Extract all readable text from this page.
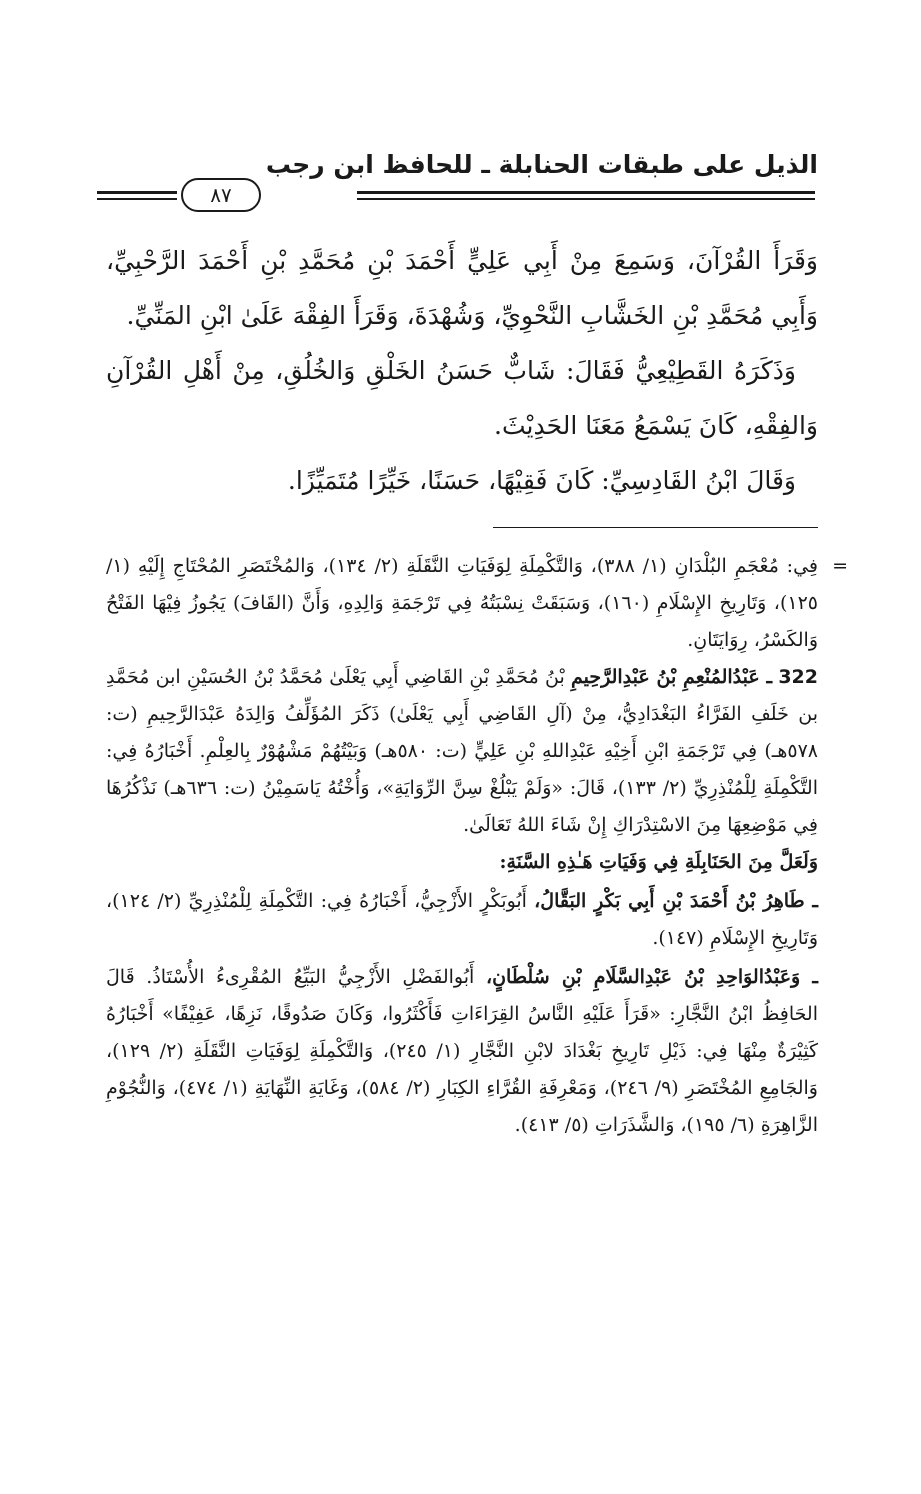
الذيل على طبقات الحنابلة ـ للحافظ ابن رجب
٨٧

وَقَرَأَ القُرْآنَ، وَسَمِعَ مِنْ أَبِي عَلِيٍّ أَحْمَدَ بْنِ مُحَمَّدِ بْنِ أَحْمَدَ الرَّحْبِيِّ، وَأَبِي مُحَمَّدِ بْنِ الخَشَّابِ النَّحْوِيِّ، وَشُهْدَةَ، وَقَرَأَ الفِقْهَ عَلَىٰ ابْنِ المَنِّيِّ.

وَذَكَرَهُ القَطِيْعِيُّ فَقَالَ: شَابٌّ حَسَنُ الخَلْقِ وَالخُلُقِ، مِنْ أَهْلِ القُرْآنِ وَالفِقْهِ، كَانَ يَسْمَعُ مَعَنَا الحَدِيْثَ.

وَقَالَ ابْنُ القَادِسِيِّ: كَانَ فَقِيْهًا، حَسَنًا، خَيِّرًا مُتَمَيِّزًا.

=

فِي: مُعْجَمِ البُلْدَانِ (١/ ٣٨٨)، وَالتَّكْمِلَةِ لِوَفَيَاتِ النَّقَلَةِ (٢/ ١٣٤)، وَالمُخْتَصَرِ المُحْتَاجِ إِلَيْهِ (١/ ١٢٥)، وَتَارِيخِ الإِسْلَامِ (١٦٠)، وَسَبَقَتْ نِسْبَتُهُ فِي تَرْجَمَةِ وَالِدِهِ، وَأَنَّ (القَافَ) يَجُوزُ فِيْهَا الفَتْحُ وَالكَسْرُ، رِوَايَتَانِ.

322 ـ عَبْدُالمُنْعِمِ بْنُ عَبْدِالرَّحِيمِ بْنُ مُحَمَّدِ بْنِ القَاضِي أَبِي يَعْلَىٰ مُحَمَّدُ بْنُ الحُسَيْنِ ابن مُحَمَّدِ بن خَلَفِ الفَرَّاءُ البَغْدَادِيُّ، مِنْ (آلِ القَاضِي أَبِي يَعْلَىٰ) ذَكَرَ المُؤَلِّفُ وَالِدَهُ عَبْدَالرَّحِيمِ (ت: ٥٧٨هـ) فِي تَرْجَمَةِ ابْنِ أَخِيْهِ عَبْدِاللهِ بْنِ عَلِيٍّ (ت: ٥٨٠هـ) وَبَيْتُهُمْ مَشْهُوْرٌ بِالعِلْمِ. أَخْبَارُهُ فِي: التَّكْمِلَةِ لِلْمُنْذِرِيِّ (٢/ ١٣٣)، قَالَ: «وَلَمْ يَبْلُغْ سِنَّ الرِّوَايَةِ»، وَأُخْتُهُ يَاسَمِيْنُ (ت: ٦٣٦هـ) نَذْكُرُهَا فِي مَوْضِعِهَا مِنَ الاسْتِدْرَاكِ إِنْ شَاءَ اللهُ تَعَالَىٰ.

وَلَعَلَّ مِنَ الحَنَابِلَةِ فِي وَفَيَاتِ هَـٰذِهِ السَّنَةِ:

ـ طَاهِرُ بْنُ أَحْمَدَ بْنِ أَبِي بَكْرٍ البَقَّالُ، أَبُوبَكْرٍ الأَزْجِيُّ، أَخْبَارُهُ فِي: التَّكْمِلَةِ لِلْمُنْذِرِيِّ (٢/ ١٢٤)، وَتَارِيخِ الإِسْلَامِ (١٤٧).

ـ وَعَبْدُالوَاحِدِ بْنُ عَبْدِالسَّلَامِ بْنِ سُلْطَانٍ، أَبُوالفَضْلِ الأَزْجِيُّ البَيِّعُ المُقْرِىءُ الأُسْتَاذُ. قَالَ الحَافِظُ ابْنُ النَّجَّارِ: «قَرَأَ عَلَيْهِ النَّاسُ القِرَاءَاتِ فَأَكْثَرُوا، وَكَانَ صَدُوقًا، نَزِهًا، عَفِيْفًا» أَخْبَارُهُ كَثِيْرَةٌ مِنْهَا فِي: ذَيْلِ تَارِيخِ بَغْدَادَ لابْنِ النَّجَّارِ (١/ ٢٤٥)، وَالتَّكْمِلَةِ لِوَفَيَاتِ النَّقَلَةِ (٢/ ١٢٩)، وَالجَامِعِ المُخْتَصَرِ (٩/ ٢٤٦)، وَمَعْرِفَةِ القُرَّاءِ الكِبَارِ (٢/ ٥٨٤)، وَغَايَةِ النِّهَايَةِ (١/ ٤٧٤)، وَالنُّجُوْمِ الزَّاهِرَةِ (٦/ ١٩٥)، وَالشَّذَرَاتِ (٥/ ٤١٣).
